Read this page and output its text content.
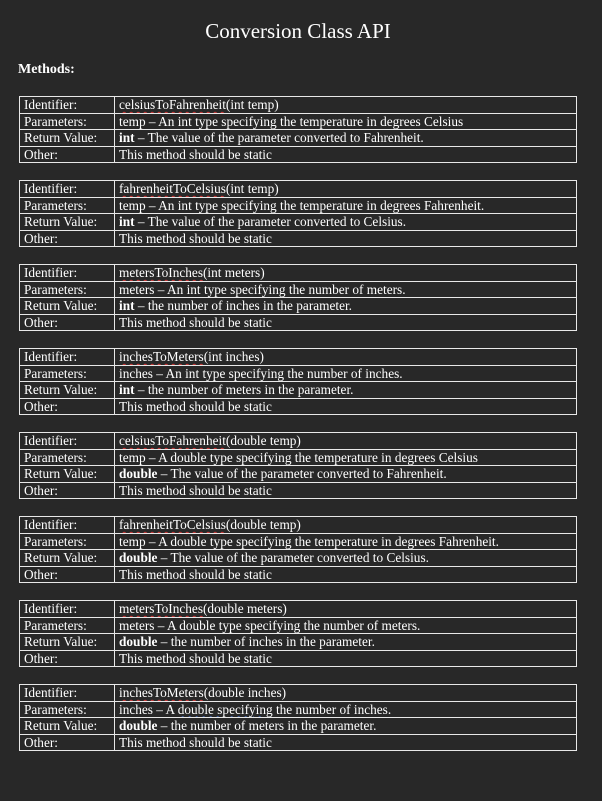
Conversion Class API
Methods:
Identifier:	celsiusToFahrenheit(int temp)
Parameters:	temp – An int type specifying the temperature in degrees Celsius
Return Value:	int – The value of the parameter converted to Fahrenheit.
Other:	This method should be static
Identifier:	fahrenheitToCelsius(int temp)
Parameters:	temp – An int type specifying the temperature in degrees Fahrenheit.
Return Value:	int – The value of the parameter converted to Celsius.
Other:	This method should be static
Identifier:	metersToInches(int meters)
Parameters:	meters – An int type specifying the number of meters.
Return Value:	int – the number of inches in the parameter.
Other:	This method should be static
Identifier:	inchesToMeters(int inches)
Parameters:	inches – An int type specifying the number of inches.
Return Value:	int – the number of meters in the parameter.
Other:	This method should be static
Identifier:	celsiusToFahrenheit(double temp)
Parameters:	temp – A double type specifying the temperature in degrees Celsius
Return Value:	double – The value of the parameter converted to Fahrenheit.
Other:	This method should be static
Identifier:	fahrenheitToCelsius(double temp)
Parameters:	temp – A double type specifying the temperature in degrees Fahrenheit.
Return Value:	double – The value of the parameter converted to Celsius.
Other:	This method should be static
Identifier:	metersToInches(double meters)
Parameters:	meters – A double type specifying the number of meters.
Return Value:	double – the number of inches in the parameter.
Other:	This method should be static
Identifier:	inchesToMeters(double inches)
Parameters:	inches – A double specifying the number of inches.
Return Value:	double – the number of meters in the parameter.
Other:	This method should be static
